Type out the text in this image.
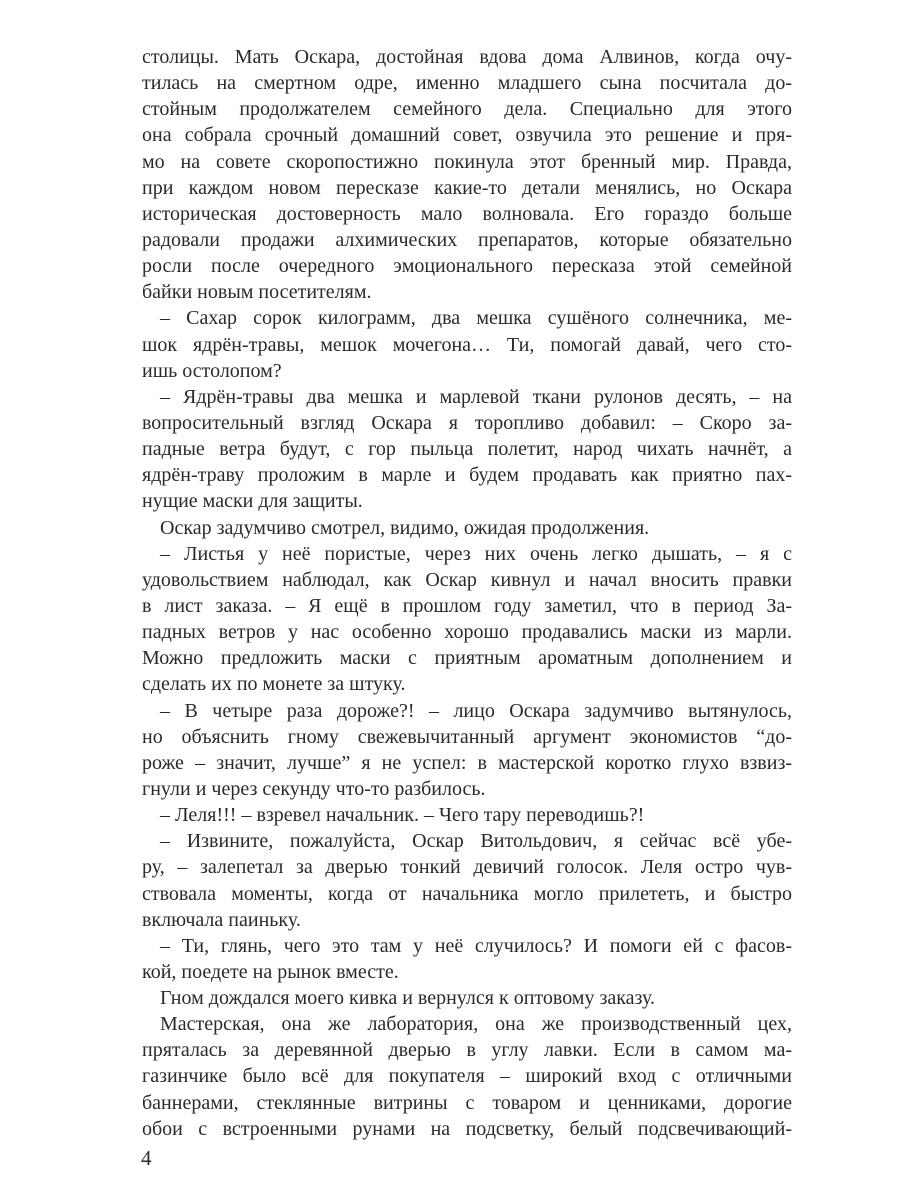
столицы. Мать Оскара, достойная вдова дома Алвинов, когда очу-
тилась на смертном одре, именно младшего сына посчитала до-
стойным продолжателем семейного дела. Специально для этого
она собрала срочный домашний совет, озвучила это решение и пря-
мо на совете скоропостижно покинула этот бренный мир. Правда,
при каждом новом пересказе какие-то детали менялись, но Оскара
историческая достоверность мало волновала. Его гораздо больше
радовали продажи алхимических препаратов, которые обязательно
росли после очередного эмоционального пересказа этой семейной
байки новым посетителям.
– Сахар сорок килограмм, два мешка сушёного солнечника, ме-
шок ядрён-травы, мешок мочегона… Ти, помогай давай, чего сто-
ишь остолопом?
– Ядрён-травы два мешка и марлевой ткани рулонов десять, – на
вопросительный взгляд Оскара я торопливо добавил: – Скоро за-
падные ветра будут, с гор пыльца полетит, народ чихать начнёт, а
ядрён-траву проложим в марле и будем продавать как приятно пах-
нущие маски для защиты.
Оскар задумчиво смотрел, видимо, ожидая продолжения.
– Листья у неё пористые, через них очень легко дышать, – я с
удовольствием наблюдал, как Оскар кивнул и начал вносить правки
в лист заказа. – Я ещё в прошлом году заметил, что в период За-
падных ветров у нас особенно хорошо продавались маски из марли.
Можно предложить маски с приятным ароматным дополнением и
сделать их по монете за штуку.
– В четыре раза дороже?! – лицо Оскара задумчиво вытянулось,
но объяснить гному свежевычитанный аргумент экономистов “до-
роже – значит, лучше” я не успел: в мастерской коротко глухо взвиз-
гнули и через секунду что-то разбилось.
– Леля!!! – взревел начальник. – Чего тару переводишь?!
– Извините, пожалуйста, Оскар Витольдович, я сейчас всё убе-
ру, – залепетал за дверью тонкий девичий голосок. Леля остро чув-
ствовала моменты, когда от начальника могло прилететь, и быстро
включала паиньку.
– Ти, глянь, чего это там у неё случилось? И помоги ей с фасов-
кой, поедете на рынок вместе.
Гном дождался моего кивка и вернулся к оптовому заказу.
Мастерская, она же лаборатория, она же производственный цех,
пряталась за деревянной дверью в углу лавки. Если в самом ма-
газинчике было всё для покупателя – широкий вход с отличными
баннерами, стеклянные витрины с товаром и ценниками, дорогие
обои с встроенными рунами на подсветку, белый подсвечивающий-
4
